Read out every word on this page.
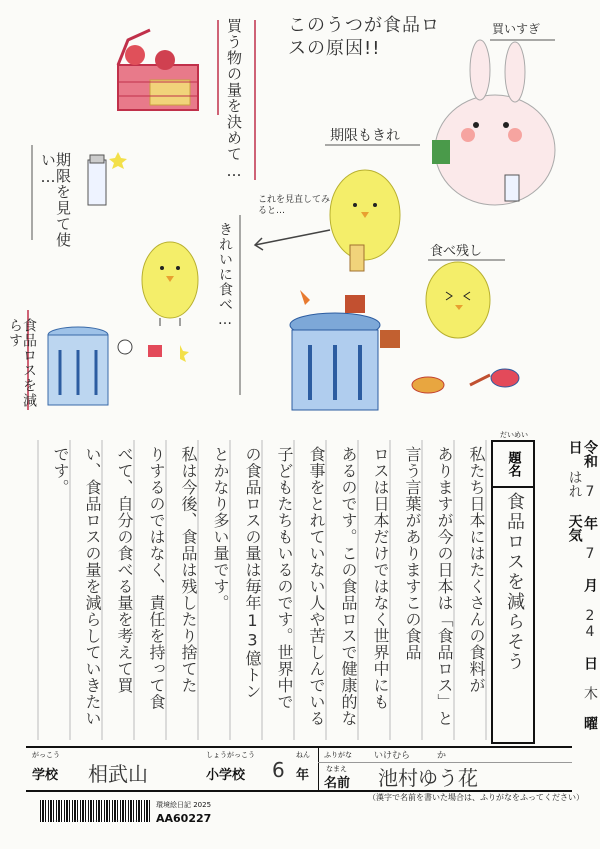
このうつが食品ロスの原因!!
買いすぎ
期限もきれ
食べ残し
これを見直してみると…
買う物の量を決めて…
期限を見て使い…
きれいに食べ…
食品ロスを減らす
私たち日本にはたくさんの食料が
ありますが今の日本は「食品ロス」と
言う言葉がありますこの食品
ロスは日本だけではなく世界中にも
あるのです。この食品ロスで健康的な
食事をとれていない人や苦しんでいる
子どもたちもいるのです。世界中で
の食品ロスの量は毎年13億トン
とかなり多い量です。
私は今後、食品は残したり捨てた
りするのではなく、責任を持って食
べて、自分の食べる量を考えて買
い、食品ロスの量を減らしていきたい
です。	題名
食品ロスを減らそう
だいめい
令和 7 年 7 月 24 日 木 曜日 はれ 天気
がっこう
学校 相武山
しょうがっこう
小学校 6
ねん
年
ふりがな
なまえ
名前
いけむら　　　か
池村ゆう花
（漢字で名前を書いた場合は、ふりがなをふってください）
環境絵日記 2025
AA60227
